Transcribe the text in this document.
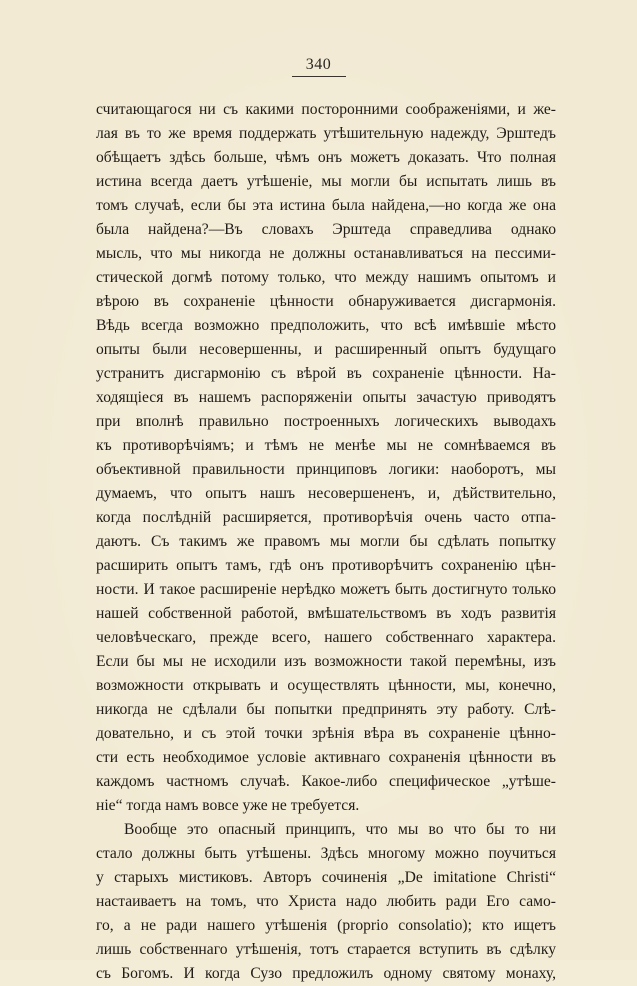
340
считающагося ни съ какими посторонними соображеніями, и же-
лая въ то же время поддержать утѣшительную надежду, Эрштедъ
обѣщаетъ здѣсь больше, чѣмъ онъ можетъ доказать. Что полная
истина всегда даетъ утѣшеніе, мы могли бы испытать лишь въ
томъ случаѣ, если бы эта истина была найдена,—но когда же она
была найдена?—Въ словахъ Эрштеда справедлива однако
мысль, что мы никогда не должны останавливаться на пессими-
стической догмѣ потому только, что между нашимъ опытомъ и
вѣрою въ сохраненіе цѣнности обнаруживается дисгармонія.
Вѣдь всегда возможно предположить, что всѣ имѣвшіе мѣсто
опыты были несовершенны, и расширенный опытъ будущаго
устранитъ дисгармонію съ вѣрой въ сохраненіе цѣнности. На-
ходящіеся въ нашемъ распоряженіи опыты зачастую приводятъ
при вполнѣ правильно построенныхъ логическихъ выводахъ
къ противорѣчіямъ; и тѣмъ не менѣе мы не сомнѣваемся въ
объективной правильности принциповъ логики: наоборотъ, мы
думаемъ, что опытъ нашъ несовершененъ, и, дѣйствительно,
когда послѣдній расширяется, противорѣчія очень часто отпа-
даютъ. Съ такимъ же правомъ мы могли бы сдѣлать попытку
расширить опытъ тамъ, гдѣ онъ противорѣчитъ сохраненію цѣн-
ности. И такое расширеніе нерѣдко можетъ быть достигнуто только
нашей собственной работой, вмѣшательствомъ въ ходъ развитія
человѣческаго, прежде всего, нашего собственнаго характера.
Если бы мы не исходили изъ возможности такой перемѣны, изъ
возможности открывать и осуществлять цѣнности, мы, конечно,
никогда не сдѣлали бы попытки предпринять эту работу. Слѣ-
довательно, и съ этой точки зрѣнія вѣра въ сохраненіе цѣнно-
сти есть необходимое условіе активнаго сохраненія цѣнности въ
каждомъ частномъ случаѣ. Какое-либо специфическое „утѣше-
ніе“ тогда намъ вовсе уже не требуется.
Вообще это опасный принципъ, что мы во что бы то ни
стало должны быть утѣшены. Здѣсь многому можно поучиться
у старыхъ мистиковъ. Авторъ сочиненія „De imitatione Christi“
настаиваетъ на томъ, что Христа надо любить ради Его само-
го, а не ради нашего утѣшенія (proprio consolatio); кто ищетъ
лишь собственнаго утѣшенія, тотъ старается вступить въ сдѣлку
съ Богомъ. И когда Сузо предложилъ одному святому монаху,
